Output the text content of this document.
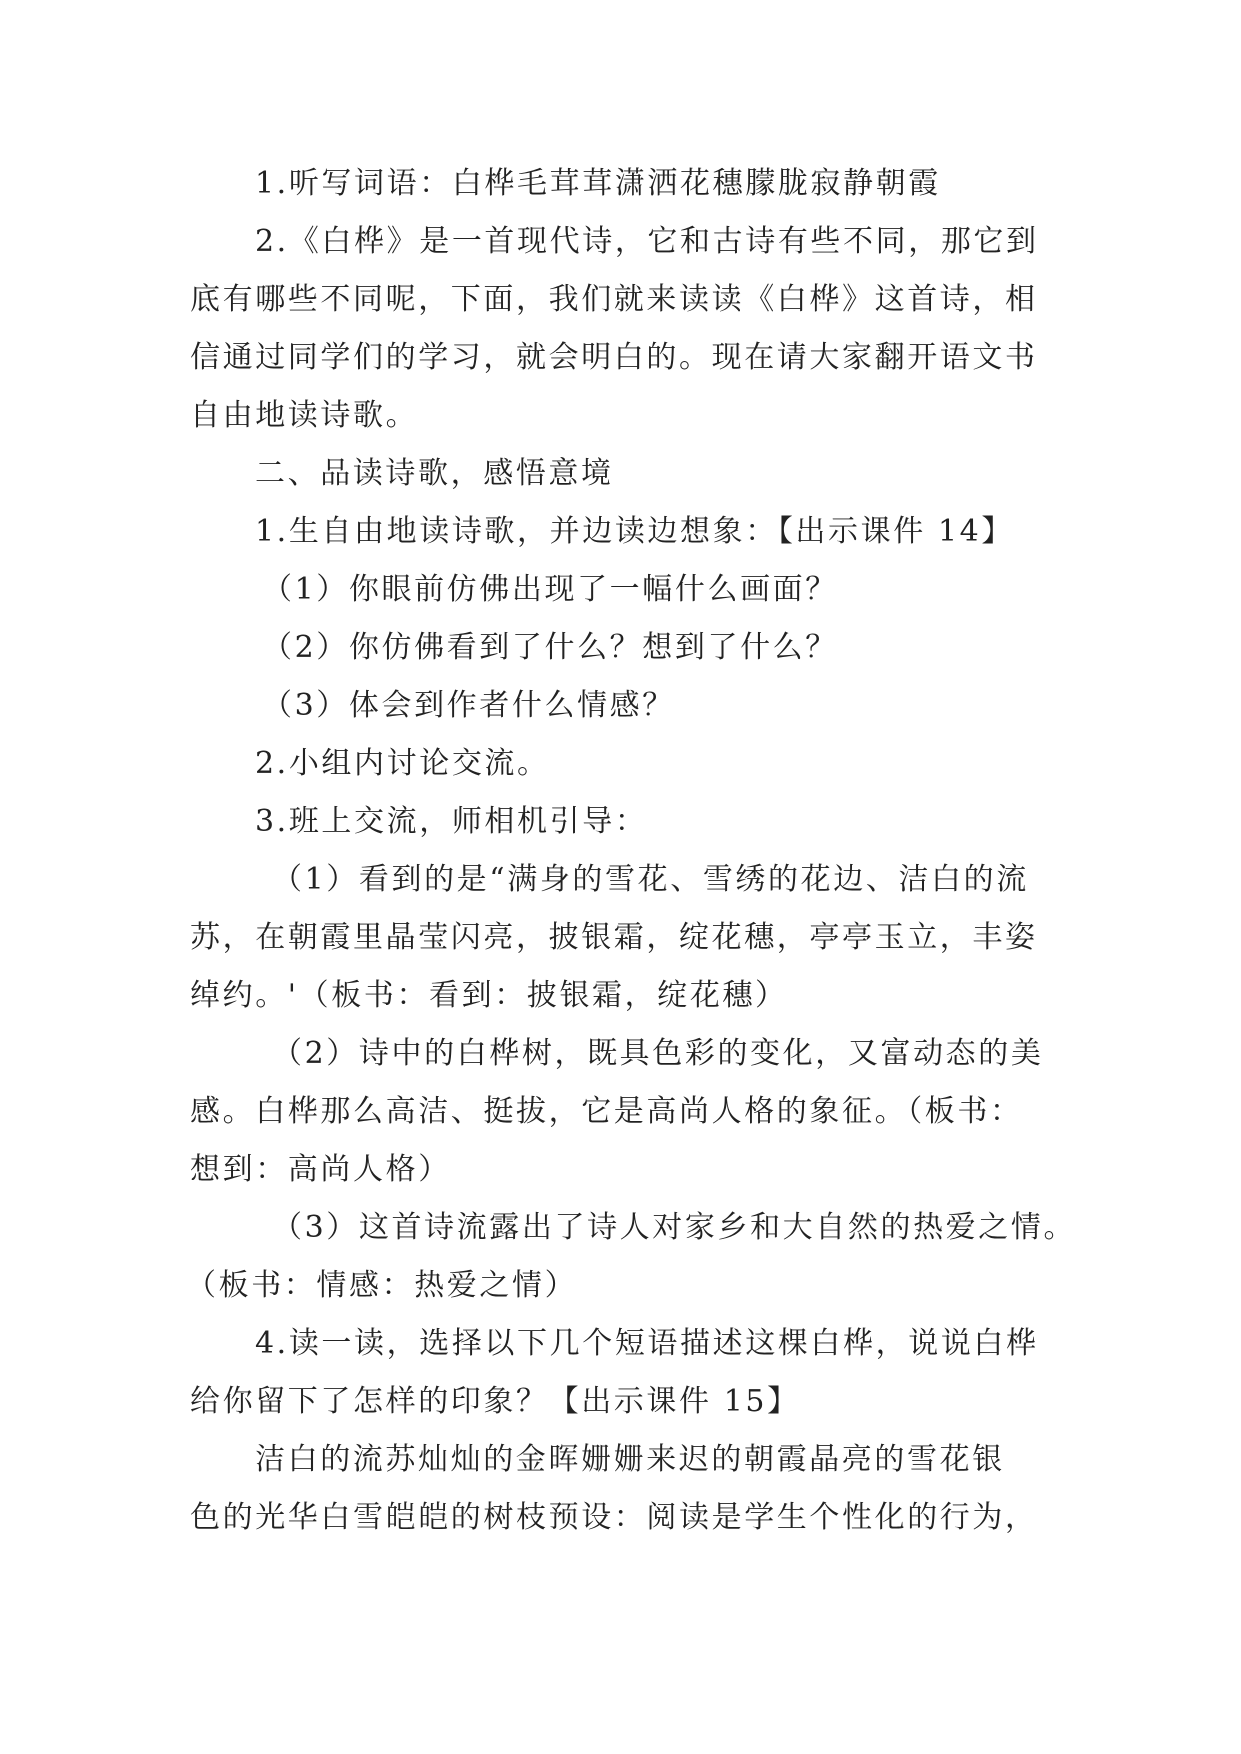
1.听写词语：白桦毛茸茸潇洒花穗朦胧寂静朝霞
2.《白桦》是一首现代诗，它和古诗有些不同，那它到
底有哪些不同呢，下面，我们就来读读《白桦》这首诗，相
信通过同学们的学习，就会明白的。现在请大家翻开语文书
自由地读诗歌。
二、品读诗歌，感悟意境
1.生自由地读诗歌，并边读边想象：【出示课件 14】
（1）你眼前仿佛出现了一幅什么画面？
（2）你仿佛看到了什么？想到了什么？
（3）体会到作者什么情感？
2.小组内讨论交流。
3.班上交流，师相机引导：
（1）看到的是“满身的雪花、雪绣的花边、洁白的流
苏，在朝霞里晶莹闪亮，披银霜，绽花穗，亭亭玉立，丰姿
绰约。'（板书：看到：披银霜，绽花穗）
（2）诗中的白桦树，既具色彩的变化，又富动态的美
感。白桦那么高洁、挺拔，它是高尚人格的象征。（板书：
想到：高尚人格）
（3）这首诗流露出了诗人对家乡和大自然的热爱之情。
（板书：情感：热爱之情）
4.读一读，选择以下几个短语描述这棵白桦，说说白桦
给你留下了怎样的印象？【出示课件 15】
洁白的流苏灿灿的金晖姗姗来迟的朝霞晶亮的雪花银
色的光华白雪皑皑的树枝预设：阅读是学生个性化的行为，
